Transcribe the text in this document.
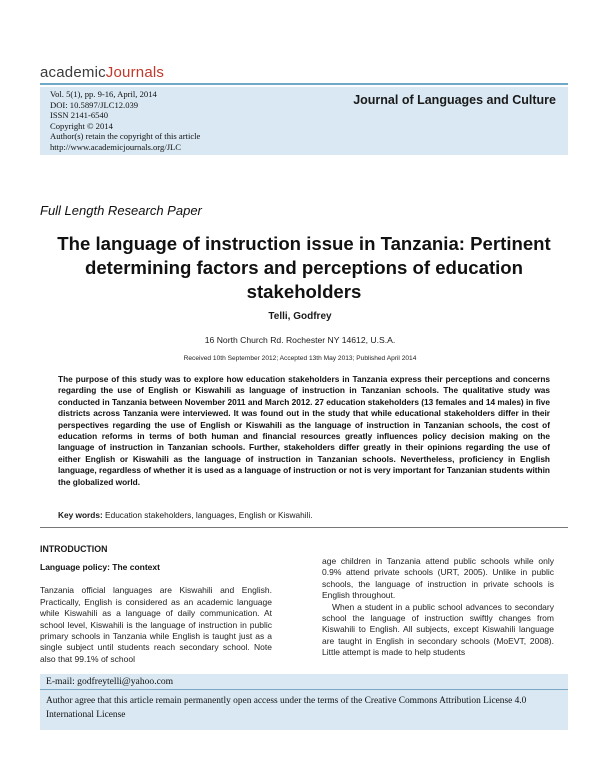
academicJournals
Vol. 5(1), pp. 9-16, April, 2014
DOI: 10.5897/JLC12.039
ISSN 2141-6540
Copyright © 2014
Author(s) retain the copyright of this article
http://www.academicjournals.org/JLC
Journal of Languages and Culture
Full Length Research Paper
The language of instruction issue in Tanzania: Pertinent determining factors and perceptions of education stakeholders
Telli, Godfrey
16 North Church Rd. Rochester NY 14612, U.S.A.
Received 10th September 2012; Accepted 13th May 2013; Published April 2014
The purpose of this study was to explore how education stakeholders in Tanzania express their perceptions and concerns regarding the use of English or Kiswahili as language of instruction in Tanzanian schools. The qualitative study was conducted in Tanzania between November 2011 and March 2012. 27 education stakeholders (13 females and 14 males) in five districts across Tanzania were interviewed. It was found out in the study that while educational stakeholders differ in their perspectives regarding the use of English or Kiswahili as the language of instruction in Tanzanian schools, the cost of education reforms in terms of both human and financial resources greatly influences policy decision making on the language of instruction in Tanzanian schools. Further, stakeholders differ greatly in their opinions regarding the use of either English or Kiswahili as the language of instruction in Tanzanian schools. Nevertheless, proficiency in English language, regardless of whether it is used as a language of instruction or not is very important for Tanzanian students within the globalized world.
Key words: Education stakeholders, languages, English or Kiswahili.
INTRODUCTION
Language policy: The context

Tanzania official languages are Kiswahili and English. Practically, English is considered as an academic language while Kiswahili as a language of daily communication. At school level, Kiswahili is the language of instruction in public primary schools in Tanzania while English is taught just as a single subject until students reach secondary school. Note also that 99.1% of school

age children in Tanzania attend public schools while only 0.9% attend private schools (URT, 2005). Unlike in public schools, the language of instruction in private schools is English throughout.

When a student in a public school advances to secondary school the language of instruction swiftly changes from Kiswahili to English. All subjects, except Kiswahili language are taught in English in secondary schools (MoEVT, 2008). Little attempt is made to help students

E-mail: godfreytelli@yahoo.com
Author agree that this article remain permanently open access under the terms of the Creative Commons Attribution License 4.0 International License
